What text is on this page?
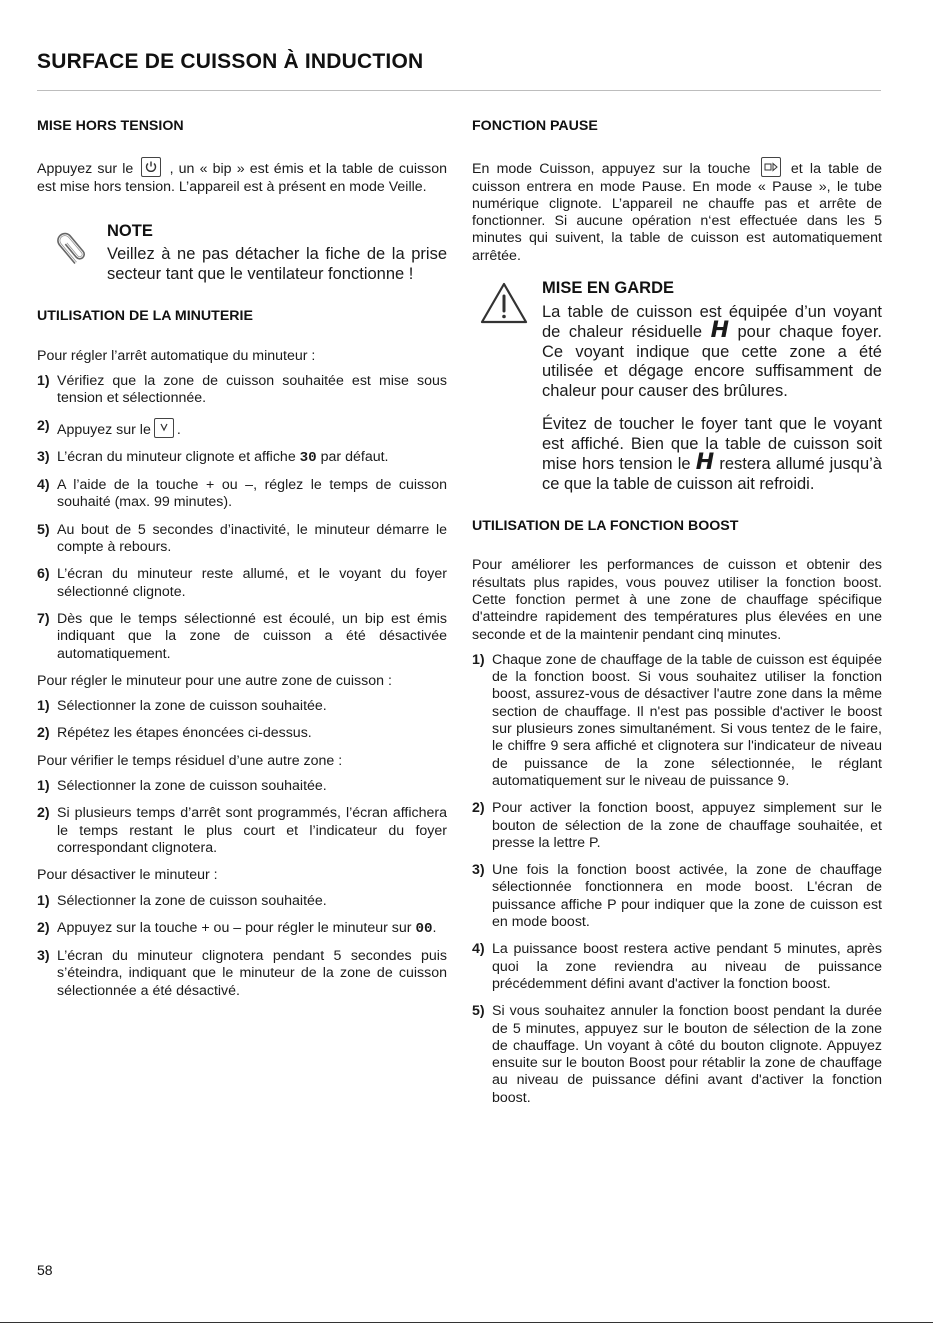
SURFACE DE CUISSON À INDUCTION
MISE HORS TENSION

Appuyez sur le	, un « bip » est émis et la table de cuisson est mise hors tension. L’appareil est à présent en mode Veille.

NOTE

Veillez à ne pas détacher la fiche de la prise secteur tant que le ventilateur fonctionne !

UTILISATION DE LA MINUTERIE

Pour régler l’arrêt automatique du minuteur :

1) Vérifiez que la zone de cuisson souhaitée est mise sous tension et sélectionnée.
2) Appuyez sur le .
3) L’écran du minuteur clignote et affiche 30 par défaut.
4) A l’aide de la touche + ou –, réglez le temps de cuisson souhaité (max. 99 minutes).
5) Au bout de 5 secondes d’inactivité, le minuteur démarre le compte à rebours.
6) L’écran du minuteur reste allumé, et le voyant du foyer sélectionné clignote.
7) Dès que le temps sélectionné est écoulé, un bip est émis indiquant que la zone de cuisson a été désactivée automatiquement.

Pour régler le minuteur pour une autre zone de cuisson :

1) Sélectionner la zone de cuisson souhaitée.
2) Répétez les étapes énoncées ci-dessus.

Pour vérifier le temps résiduel d’une autre zone :

1) Sélectionner la zone de cuisson souhaitée.
2) Si plusieurs temps d’arrêt sont programmés, l’écran affichera le temps restant le plus court et l’indicateur du foyer correspondant clignotera.

Pour désactiver le minuteur :

1) Sélectionner la zone de cuisson souhaitée.
2) Appuyez sur la touche + ou – pour régler le minuteur sur 00.
3) L’écran du minuteur clignotera pendant 5 secondes puis s’éteindra, indiquant que le minuteur de la zone de cuisson sélectionnée a été désactivé.
FONCTION PAUSE

En mode Cuisson, appuyez sur la touche	et la table de cuisson entrera en mode Pause. En mode « Pause », le tube numérique clignote. L’appareil ne chauffe pas et arrête de fonctionner. Si aucune opération n‘est effectuée dans les 5 minutes qui suivent, la table de cuisson est automatiquement arrêtée.

MISE EN GARDE

La table de cuisson est équipée d’un voyant de chaleur résiduelle H pour chaque foyer. Ce voyant indique que cette zone a été utilisée et dégage encore suffisamment de chaleur pour causer des brûlures.

Évitez de toucher le foyer tant que le voyant est affiché. Bien que la table de cuisson soit mise hors tension le H restera allumé jusqu’à ce que la table de cuisson ait refroidi.

UTILISATION DE LA FONCTION BOOST

Pour améliorer les performances de cuisson et obtenir des résultats plus rapides, vous pouvez utiliser la fonction boost. Cette fonction permet à une zone de chauffage spécifique d'atteindre rapidement des températures plus élevées en une seconde et de la maintenir pendant cinq minutes.

1) Chaque zone de chauffage de la table de cuisson est équipée de la fonction boost. Si vous souhaitez utiliser la fonction boost, assurez-vous de désactiver l'autre zone dans la même section de chauffage. Il n'est pas possible d'activer le boost sur plusieurs zones simultanément. Si vous tentez de le faire, le chiffre 9 sera affiché et clignotera sur l'indicateur de niveau de puissance de la zone sélectionnée, le réglant automatiquement sur le niveau de puissance 9.
2) Pour activer la fonction boost, appuyez simplement sur le bouton de sélection de la zone de chauffage souhaitée, et presse la lettre P.
3) Une fois la fonction boost activée, la zone de chauffage sélectionnée fonctionnera en mode boost. L'écran de puissance affiche P pour indiquer que la zone de cuisson est en mode boost.
4) La puissance boost restera active pendant 5 minutes, après quoi la zone reviendra au niveau de puissance précédemment défini avant d'activer la fonction boost.
5) Si vous souhaitez annuler la fonction boost pendant la durée de 5 minutes, appuyez sur le bouton de sélection de la zone de chauffage. Un voyant à côté du bouton clignote. Appuyez ensuite sur le bouton Boost pour rétablir la zone de chauffage au niveau de puissance défini avant d'activer la fonction boost.
58
